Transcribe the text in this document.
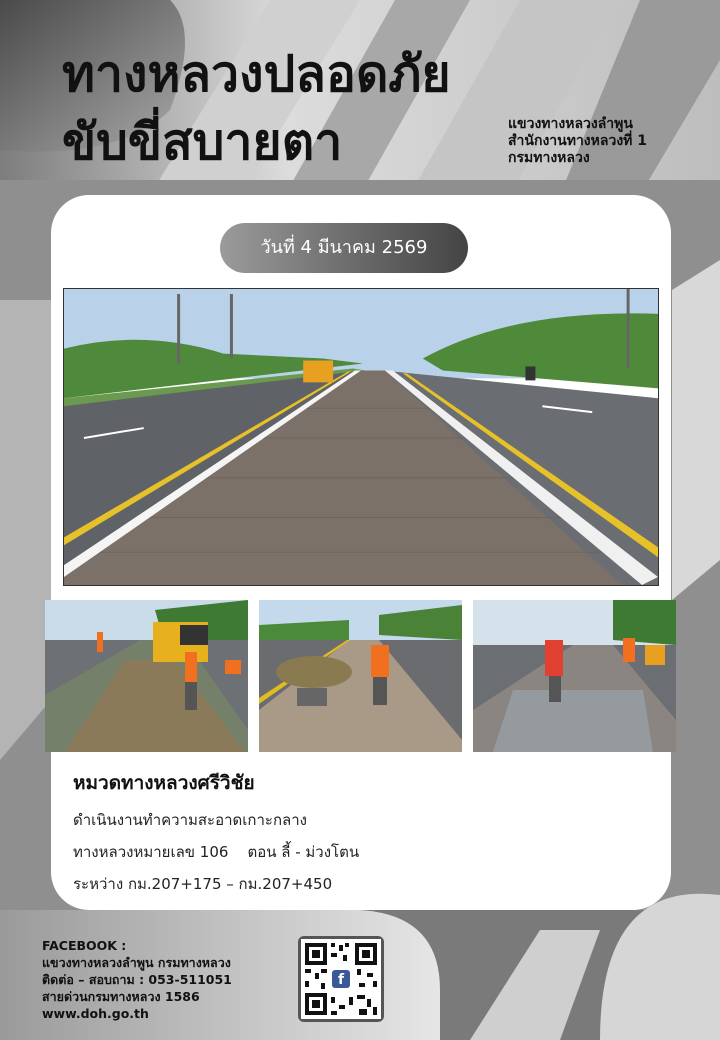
ทางหลวงปลอดภัย
ขับขี่สบายตา	แขวงทางหลวงลำพูน
สำนักงานทางหลวงที่ 1
กรมทางหลวง
วันที่ 4 มีนาคม 2569
หมวดทางหลวงศรีวิชัย
ดำเนินงานทำความสะอาดเกาะกลาง
ทางหลวงหมายเลข 106    ตอน ลี้ - ม่วงโตน
ระหว่าง กม.207+175 – กม.207+450
FACEBOOK :
แขวงทางหลวงลำพูน กรมทางหลวง
ติดต่อ – สอบถาม : 053-511051
สายด่วนกรมทางหลวง 1586
www.doh.go.th
f
